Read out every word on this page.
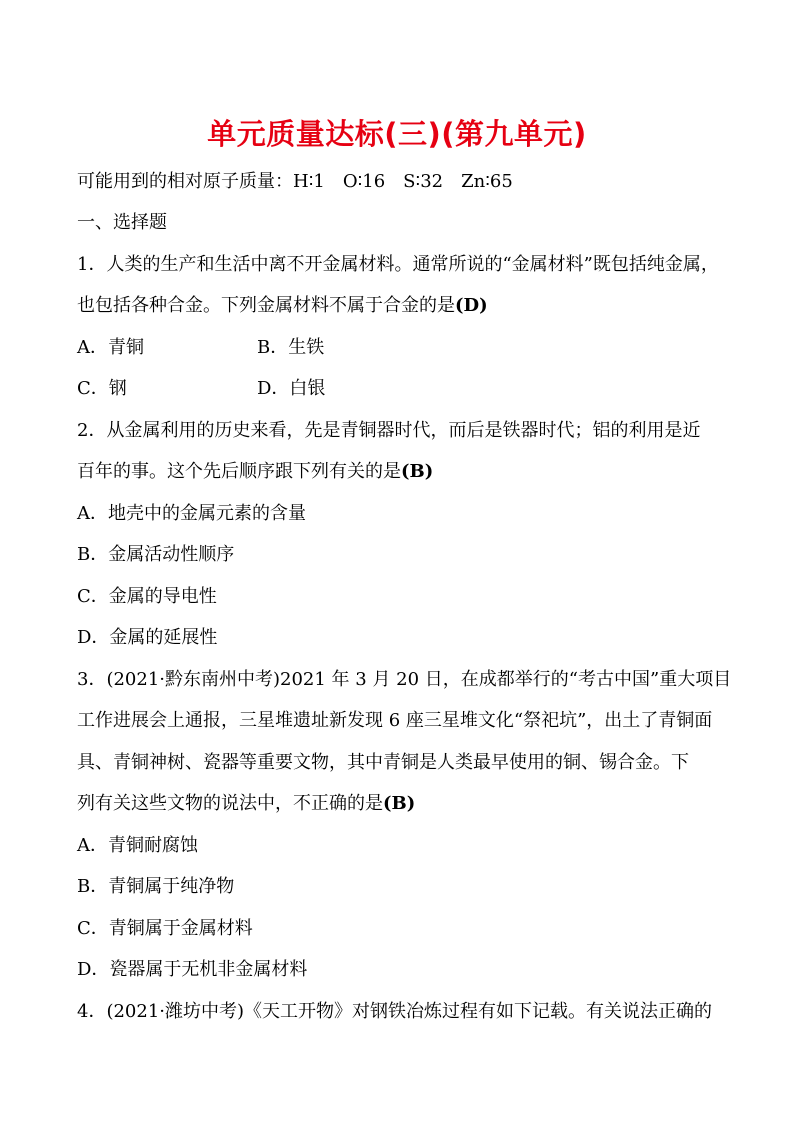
单元质量达标(三)(第九单元)
可能用到的相对原子质量：H∶1　O∶16　S∶32　Zn∶65
一、选择题
1．人类的生产和生活中离不开金属材料。通常所说的“金属材料”既包括纯金属，
也包括各种合金。下列金属材料不属于合金的是(D)
A．青铜	B．生铁
C．钢	D．白银
2．从金属利用的历史来看，先是青铜器时代，而后是铁器时代；铝的利用是近
百年的事。这个先后顺序跟下列有关的是(B)
A．地壳中的金属元素的含量
B．金属活动性顺序
C．金属的导电性
D．金属的延展性
3．(2021·黔东南州中考)2021 年 3 月 20 日，在成都举行的“考古中国”重大项目
工作进展会上通报，三星堆遗址新发现 6 座三星堆文化“祭祀坑”，出土了青铜面
具、青铜神树、瓷器等重要文物，其中青铜是人类最早使用的铜、锡合金。下
列有关这些文物的说法中，不正确的是(B)
A．青铜耐腐蚀
B．青铜属于纯净物
C．青铜属于金属材料
D．瓷器属于无机非金属材料
4．(2021·潍坊中考)《天工开物》对钢铁冶炼过程有如下记载。有关说法正确的
